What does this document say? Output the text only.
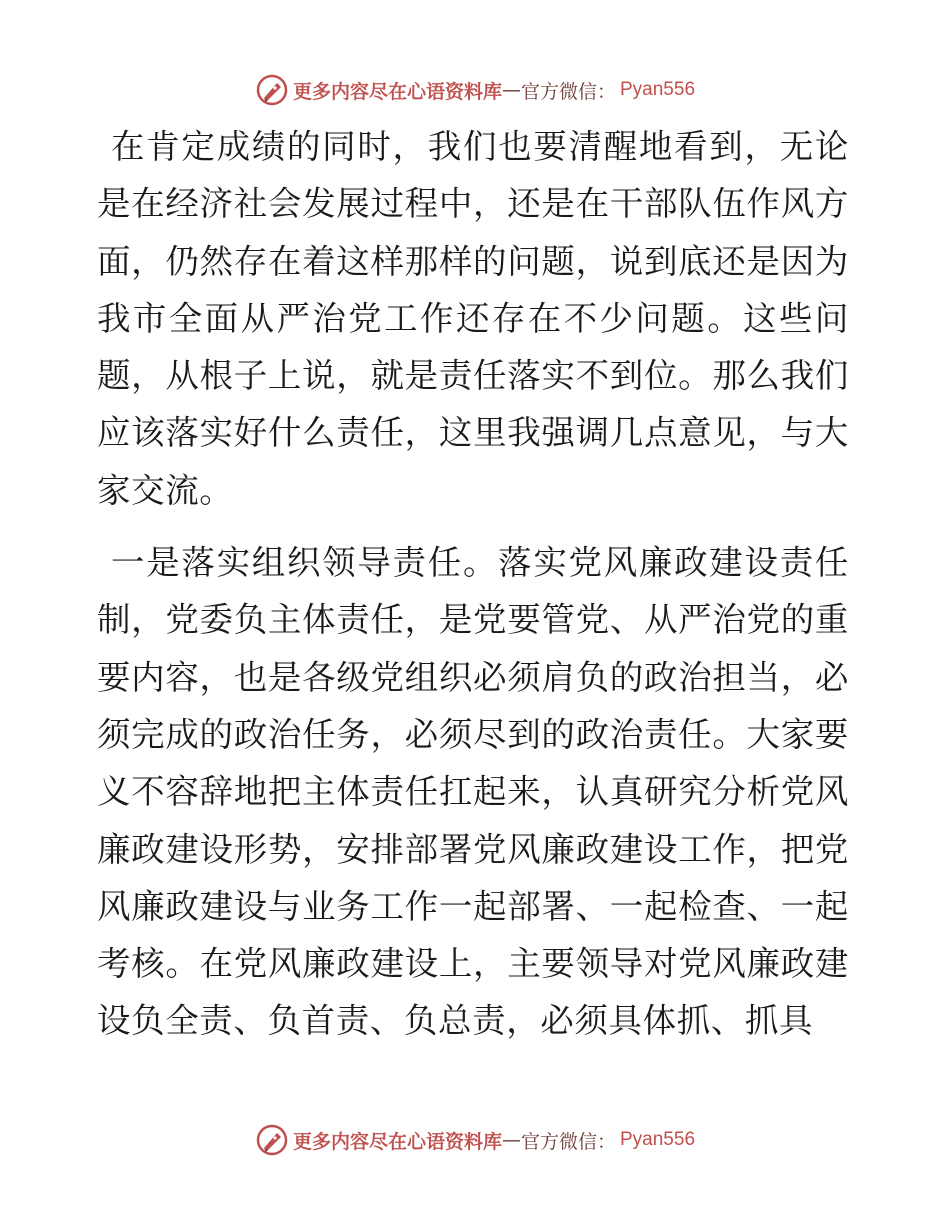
更多内容尽在心语资料库 — 官方微信： Pyan556

在肯定成绩的同时，我们也要清醒地看到，无论是在经济社会发展过程中，还是在干部队伍作风方面，仍然存在着这样那样的问题，说到底还是因为我市全面从严治党工作还存在不少问题。这些问题，从根子上说，就是责任落实不到位。那么我们应该落实好什么责任，这里我强调几点意见，与大家交流。

一是落实组织领导责任。落实党风廉政建设责任制，党委负主体责任，是党要管党、从严治党的重要内容，也是各级党组织必须肩负的政治担当，必须完成的政治任务，必须尽到的政治责任。大家要义不容辞地把主体责任扛起来，认真研究分析党风廉政建设形势，安排部署党风廉政建设工作，把党风廉政建设与业务工作一起部署、一起检查、一起考核。在党风廉政建设上，主要领导对党风廉政建设负全责、负首责、负总责，必须具体抓、抓具

更多内容尽在心语资料库 — 官方微信： Pyan556
